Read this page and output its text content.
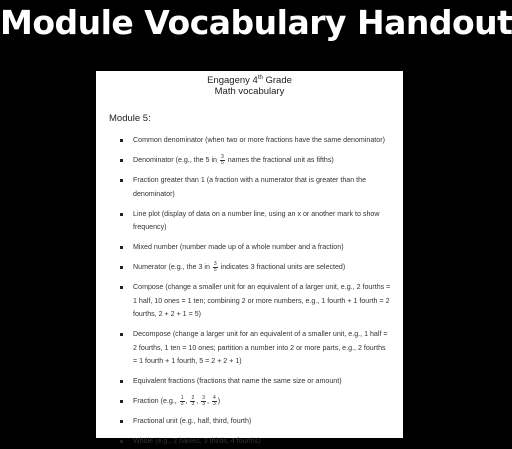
Module Vocabulary Handout
Engageny 4th Grade
Math vocabulary
Module 5:
Common denominator (when two or more fractions have the same denominator)
Denominator (e.g., the 5 in $\frac{3}{5}$ names the fractional unit as fifths)
Fraction greater than 1 (a fraction with a numerator that is greater than the denominator)
Line plot (display of data on a number line, using an x or another mark to show frequency)
Mixed number (number made up of a whole number and a fraction)
Numerator (e.g., the 3 in $\frac{3}{5}$ indicates 3 fractional units are selected)
Compose (change a smaller unit for an equivalent of a larger unit, e.g., 2 fourths = 1 half, 10 ones = 1 ten; combining 2 or more numbers, e.g., 1 fourth + 1 fourth = 2 fourths, 2 + 2 + 1 = 5)
Decompose (change a larger unit for an equivalent of a smaller unit, e.g., 1 half = 2 fourths, 1 ten = 10 ones; partition a number into 2 or more parts, e.g., 2 fourths = 1 fourth + 1 fourth, 5 = 2 + 2 + 1)
Equivalent fractions (fractions that name the same size or amount)
Fraction (e.g., $\frac{1}{3}$ , $\frac{2}{3}$ , $\frac{3}{3}$ , $\frac{4}{3}$ )
Fractional unit (e.g., half, third, fourth)
Whole (e.g., 2 halves, 3 thirds, 4 fourths)
